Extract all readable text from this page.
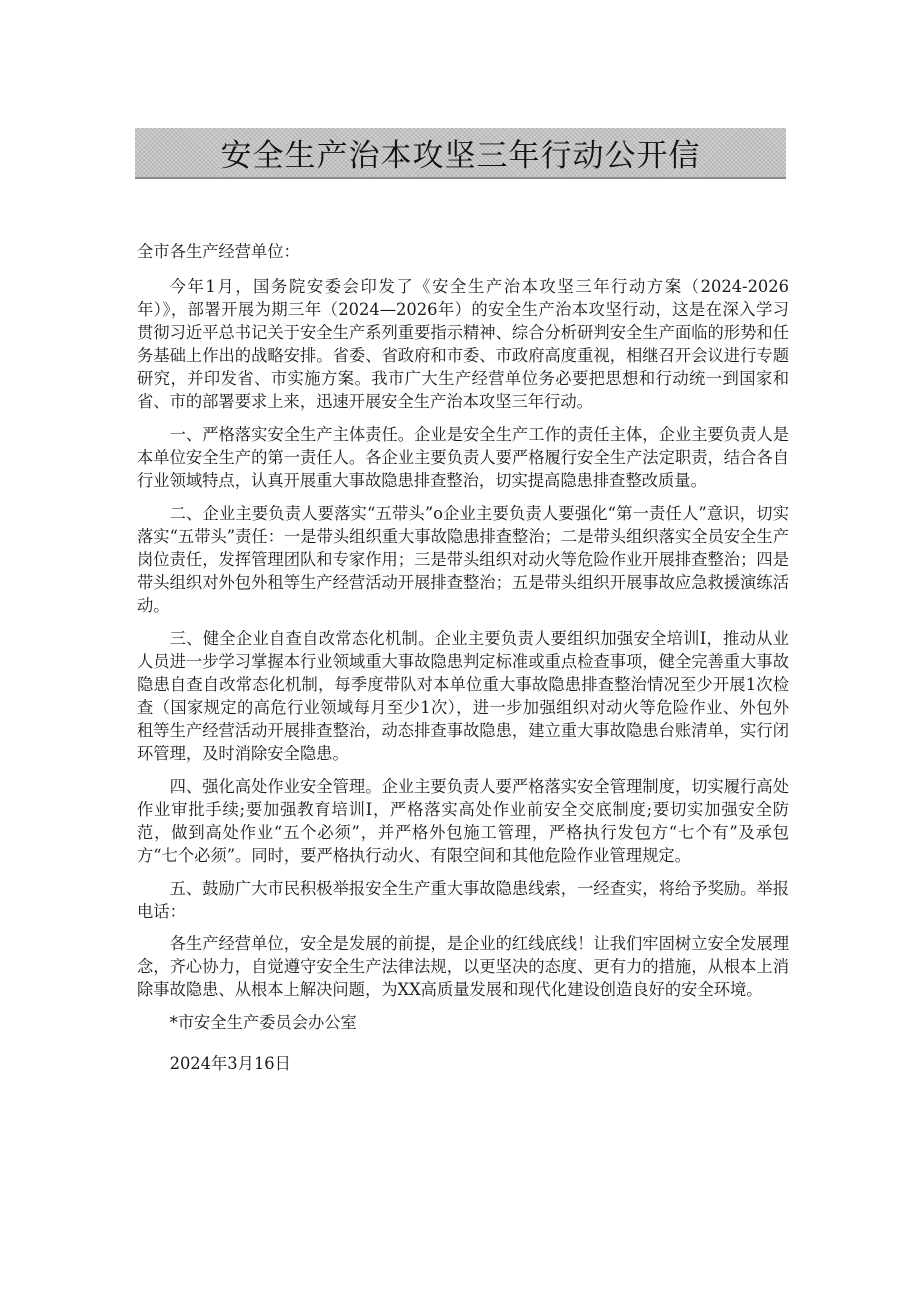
安全生产治本攻坚三年行动公开信

全市各生产经营单位：

今年1月，国务院安委会印发了《安全生产治本攻坚三年行动方案（2024-2026年）》，部署开展为期三年（2024—2026年）的安全生产治本攻坚行动，这是在深入学习贯彻习近平总书记关于安全生产系列重要指示精神、综合分析研判安全生产面临的形势和任务基础上作出的战略安排。省委、省政府和市委、市政府高度重视，相继召开会议进行专题研究，并印发省、市实施方案。我市广大生产经营单位务必要把思想和行动统一到国家和省、市的部署要求上来，迅速开展安全生产治本攻坚三年行动。

一、严格落实安全生产主体责任。企业是安全生产工作的责任主体，企业主要负责人是本单位安全生产的第一责任人。各企业主要负责人要严格履行安全生产法定职责，结合各自行业领域特点，认真开展重大事故隐患排查整治，切实提高隐患排查整改质量。

二、企业主要负责人要落实“五带头”o企业主要负责人要强化“第一责任人”意识，切实落实“五带头”责任：一是带头组织重大事故隐患排查整治；二是带头组织落实全员安全生产岗位责任，发挥管理团队和专家作用；三是带头组织对动火等危险作业开展排查整治；四是带头组织对外包外租等生产经营活动开展排查整治；五是带头组织开展事故应急救援演练活动。

三、健全企业自查自改常态化机制。企业主要负责人要组织加强安全培训I，推动从业人员进一步学习掌握本行业领域重大事故隐患判定标准或重点检查事项，健全完善重大事故隐患自查自改常态化机制，每季度带队对本单位重大事故隐患排查整治情况至少开展1次检查（国家规定的高危行业领域每月至少1次），进一步加强组织对动火等危险作业、外包外租等生产经营活动开展排查整治，动态排查事故隐患，建立重大事故隐患台账清单，实行闭环管理，及时消除安全隐患。

四、强化高处作业安全管理。企业主要负责人要严格落实安全管理制度，切实履行高处作业审批手续;要加强教育培训I，严格落实高处作业前安全交底制度;要切实加强安全防范，做到高处作业“五个必须”，并严格外包施工管理，严格执行发包方“七个有”及承包方“七个必须”。同时，要严格执行动火、有限空间和其他危险作业管理规定。

五、鼓励广大市民积极举报安全生产重大事故隐患线索，一经查实，将给予奖励。举报电话：

各生产经营单位，安全是发展的前提，是企业的红线底线！让我们牢固树立安全发展理念，齐心协力，自觉遵守安全生产法律法规，以更坚决的态度、更有力的措施，从根本上消除事故隐患、从根本上解决问题，为XX高质量发展和现代化建设创造良好的安全环境。

*市安全生产委员会办公室

2024年3月16日
